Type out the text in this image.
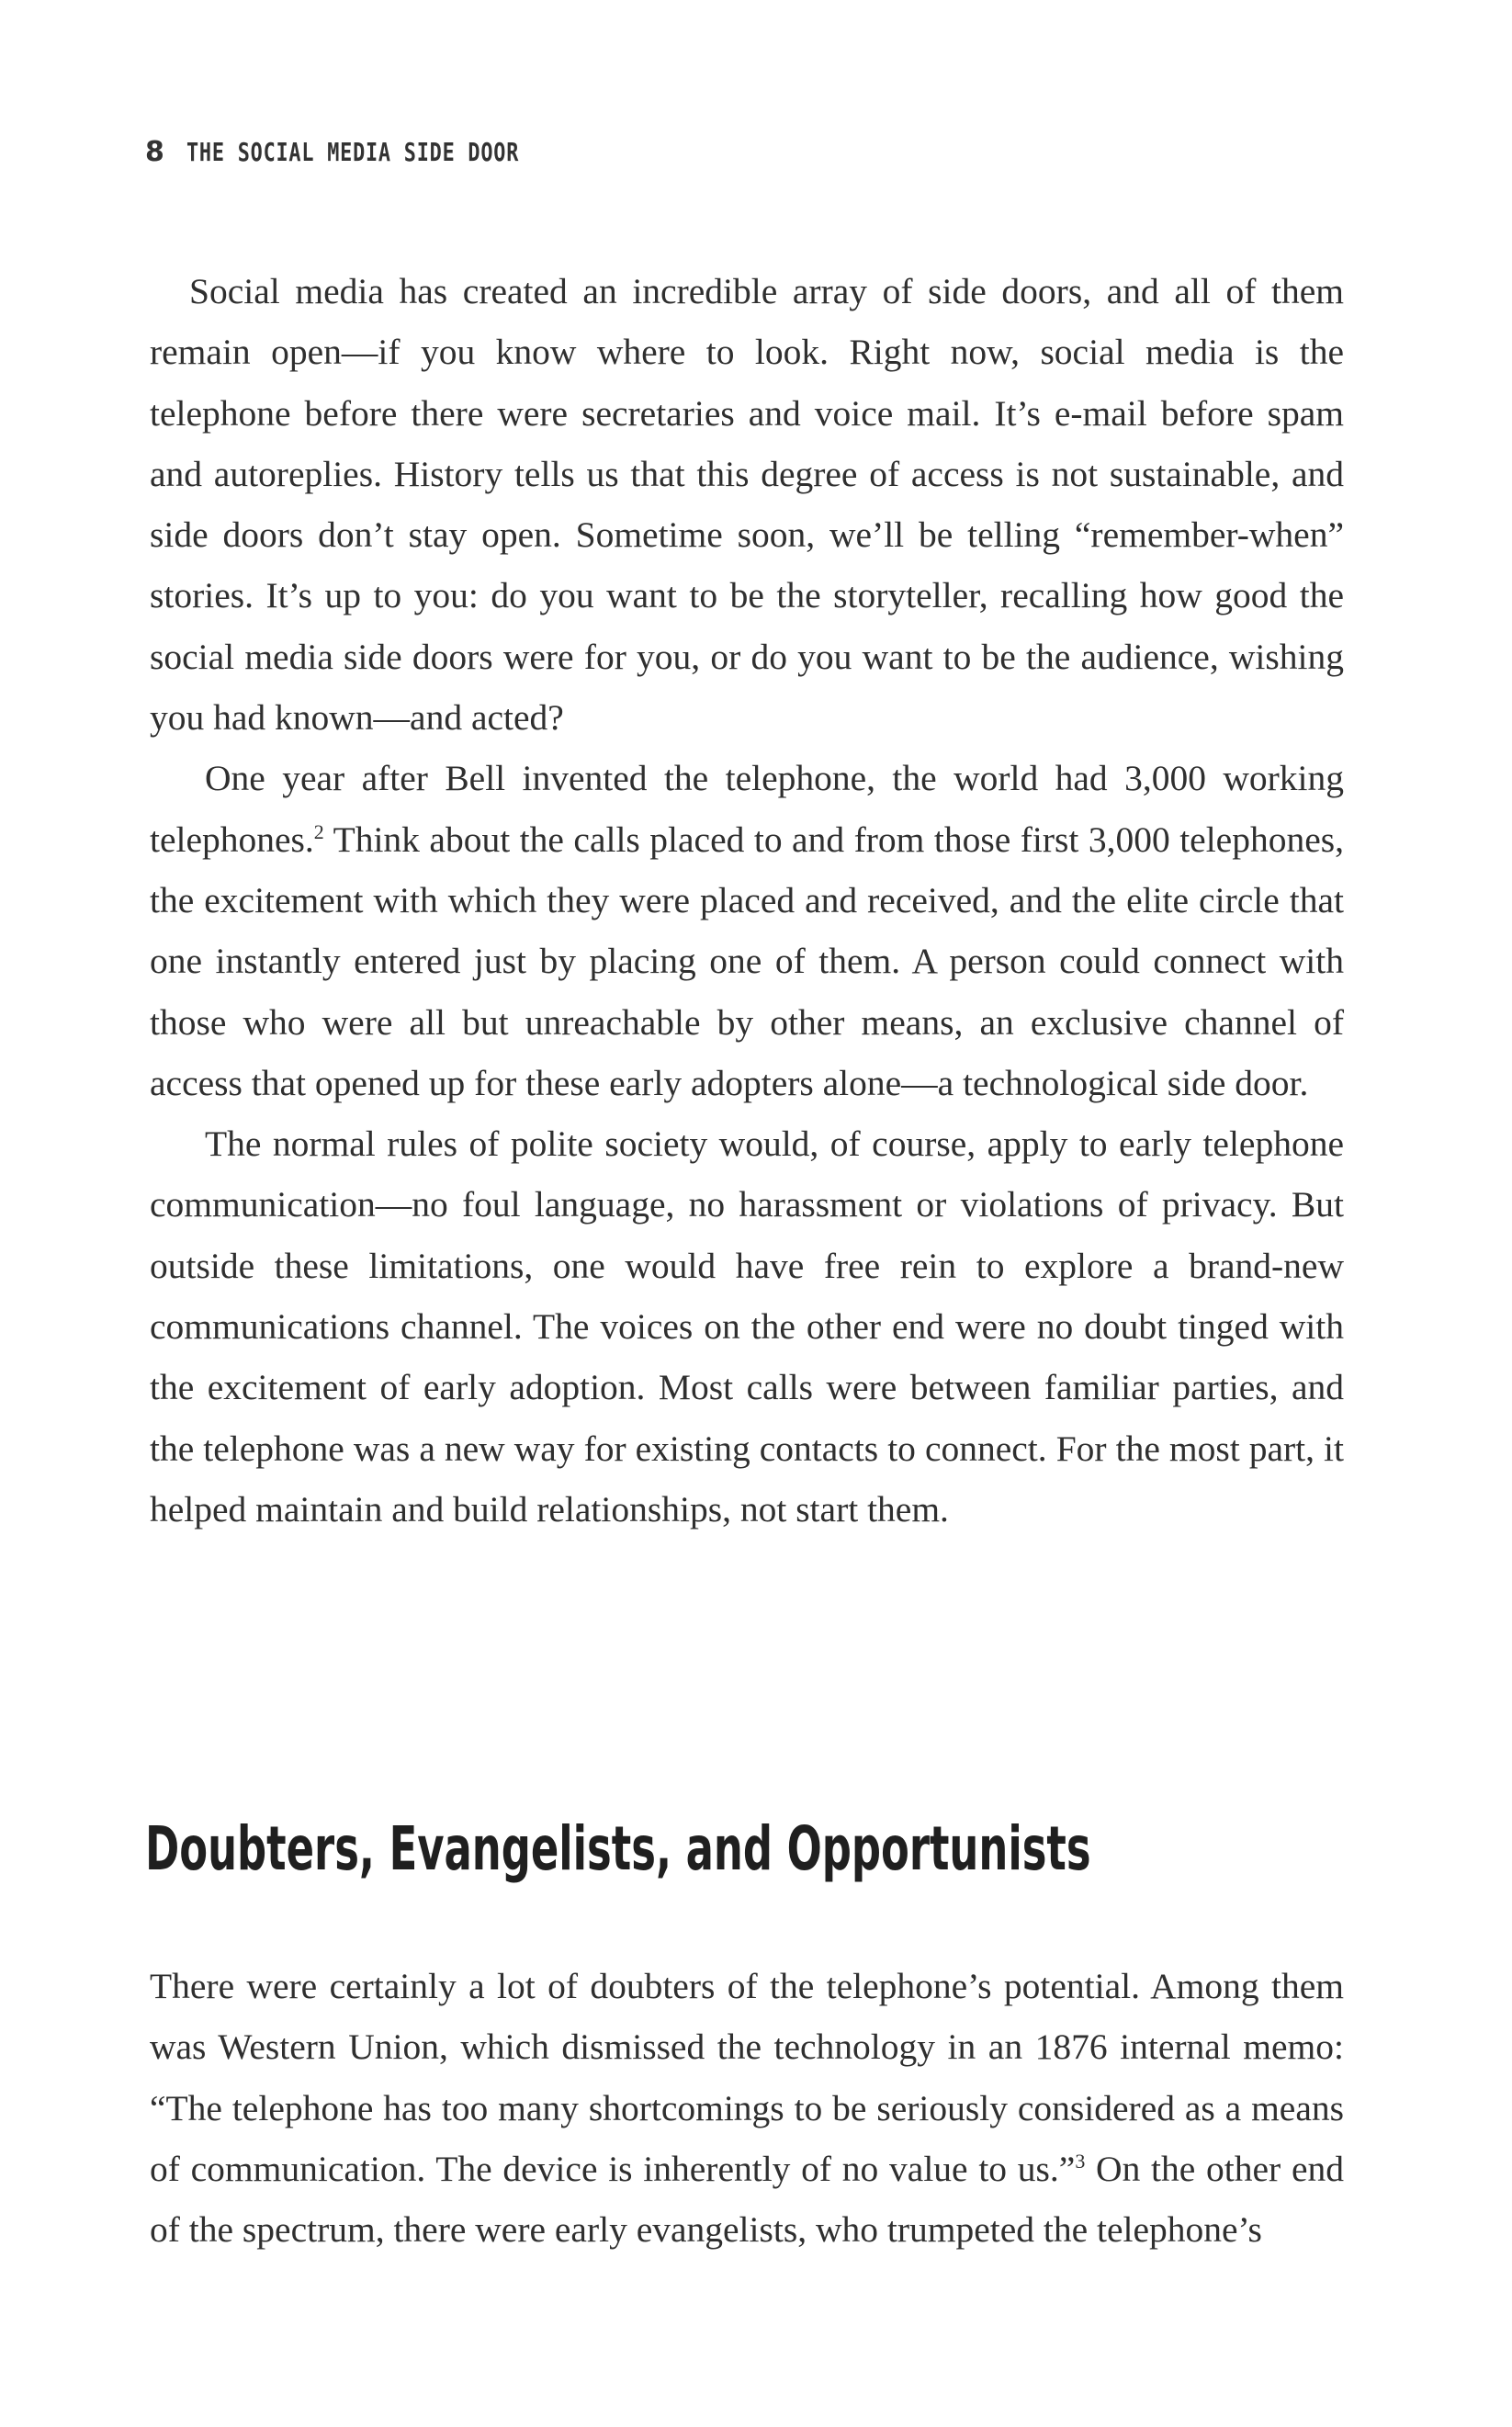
8 THE SOCIAL MEDIA SIDE DOOR

Social media has created an incredible array of side doors, and all of them remain open—if you know where to look. Right now, social media is the telephone before there were secretaries and voice mail. It’s e-mail before spam and autoreplies. History tells us that this degree of access is not sustainable, and side doors don’t stay open. Sometime soon, we’ll be telling “remember-when” stories. It’s up to you: do you want to be the storyteller, recalling how good the social media side doors were for you, or do you want to be the audience, wishing you had known—and acted?

One year after Bell invented the telephone, the world had 3,000 working telephones.$^2$ Think about the calls placed to and from those first 3,000 telephones, the excitement with which they were placed and received, and the elite circle that one instantly entered just by placing one of them. A person could connect with those who were all but unreachable by other means, an exclusive channel of access that opened up for these early adopters alone—a technological side door.

The normal rules of polite society would, of course, apply to early telephone communication—no foul language, no harassment or violations of privacy. But outside these limitations, one would have free rein to explore a brand-new communications channel. The voices on the other end were no doubt tinged with the excitement of early adoption. Most calls were between familiar parties, and the telephone was a new way for existing contacts to connect. For the most part, it helped maintain and build relationships, not start them.

Doubters, Evangelists, and Opportunists

There were certainly a lot of doubters of the telephone’s potential. Among them was Western Union, which dismissed the technology in an 1876 internal memo: “The telephone has too many shortcomings to be seriously considered as a means of communication. The device is inherently of no value to us.”$^3$ On the other end of the spectrum, there were early evangelists, who trumpeted the telephone’s
